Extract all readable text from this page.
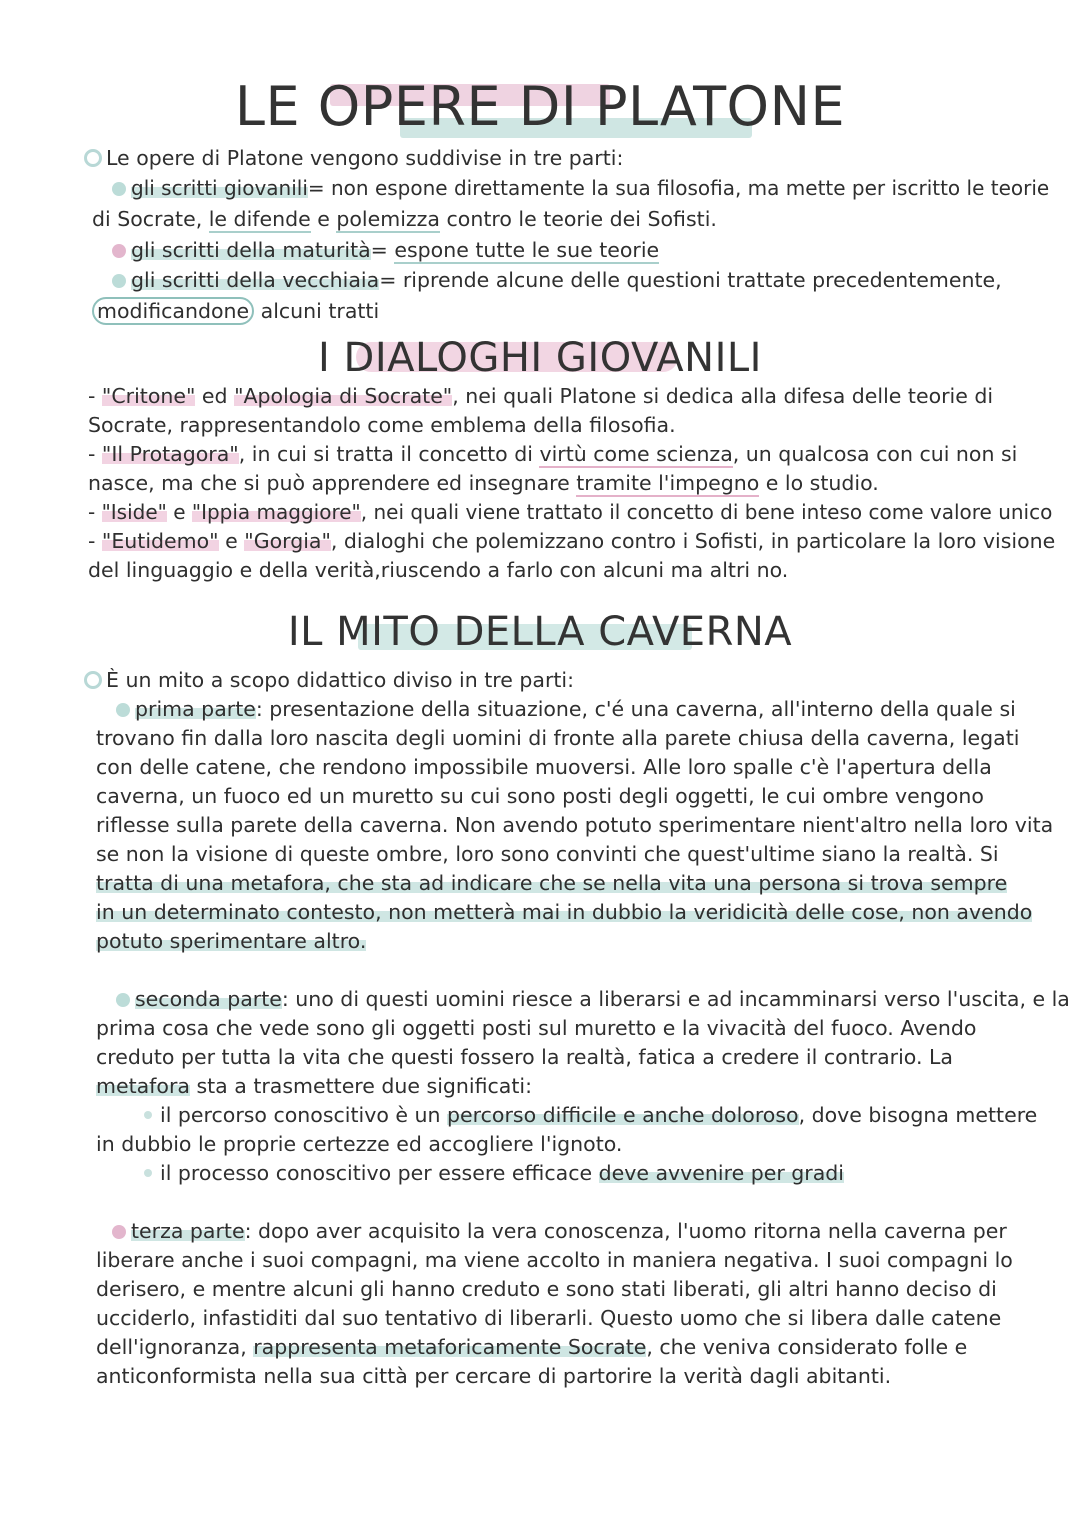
LE OPERE DI PLATONE
Le opere di Platone vengono suddivise in tre parti:
gli scritti giovanili= non espone direttamente la sua filosofia, ma mette per iscritto le teorie
di Socrate, le difende e polemizza contro le teorie dei Sofisti.
gli scritti della maturità= espone tutte le sue teorie
gli scritti della vecchiaia= riprende alcune delle questioni trattate precedentemente,
modificandone alcuni tratti
I DIALOGHI GIOVANILI
- "Critone" ed "Apologia di Socrate", nei quali Platone si dedica alla difesa delle teorie di
Socrate, rappresentandolo come emblema della filosofia.
- "Il Protagora", in cui si tratta il concetto di virtù come scienza, un qualcosa con cui non si
nasce, ma che si può apprendere ed insegnare tramite l'impegno e lo studio.
- "Iside" e "Ippia maggiore", nei quali viene trattato il concetto di bene inteso come valore unico
- "Eutidemo" e "Gorgia", dialoghi che polemizzano contro i Sofisti, in particolare la loro visione
del linguaggio e della verità,riuscendo a farlo con alcuni ma altri no.
IL MITO DELLA CAVERNA
È un mito a scopo didattico diviso in tre parti:
prima parte: presentazione della situazione, c'é una caverna, all'interno della quale si
trovano fin dalla loro nascita degli uomini di fronte alla parete chiusa della caverna, legati
con delle catene, che rendono impossibile muoversi. Alle loro spalle c'è l'apertura della
caverna, un fuoco ed un muretto su cui sono posti degli oggetti, le cui ombre vengono
riflesse sulla parete della caverna. Non avendo potuto sperimentare nient'altro nella loro vita
se non la visione di queste ombre, loro sono convinti che quest'ultime siano la realtà. Si
tratta di una metafora, che sta ad indicare che se nella vita una persona si trova sempre
in un determinato contesto, non metterà mai in dubbio la veridicità delle cose, non avendo
potuto sperimentare altro.
seconda parte: uno di questi uomini riesce a liberarsi e ad incamminarsi verso l'uscita, e la
prima cosa che vede sono gli oggetti posti sul muretto e la vivacità del fuoco. Avendo
creduto per tutta la vita che questi fossero la realtà, fatica a credere il contrario. La
metafora sta a trasmettere due significati:
il percorso conoscitivo è un percorso difficile e anche doloroso, dove bisogna mettere
in dubbio le proprie certezze ed accogliere l'ignoto.
il processo conoscitivo per essere efficace deve avvenire per gradi
terza parte: dopo aver acquisito la vera conoscenza, l'uomo ritorna nella caverna per
liberare anche i suoi compagni, ma viene accolto in maniera negativa. I suoi compagni lo
derisero, e mentre alcuni gli hanno creduto e sono stati liberati, gli altri hanno deciso di
ucciderlo, infastiditi dal suo tentativo di liberarli. Questo uomo che si libera dalle catene
dell'ignoranza, rappresenta metaforicamente Socrate, che veniva considerato folle e
anticonformista nella sua città per cercare di partorire la verità dagli abitanti.
